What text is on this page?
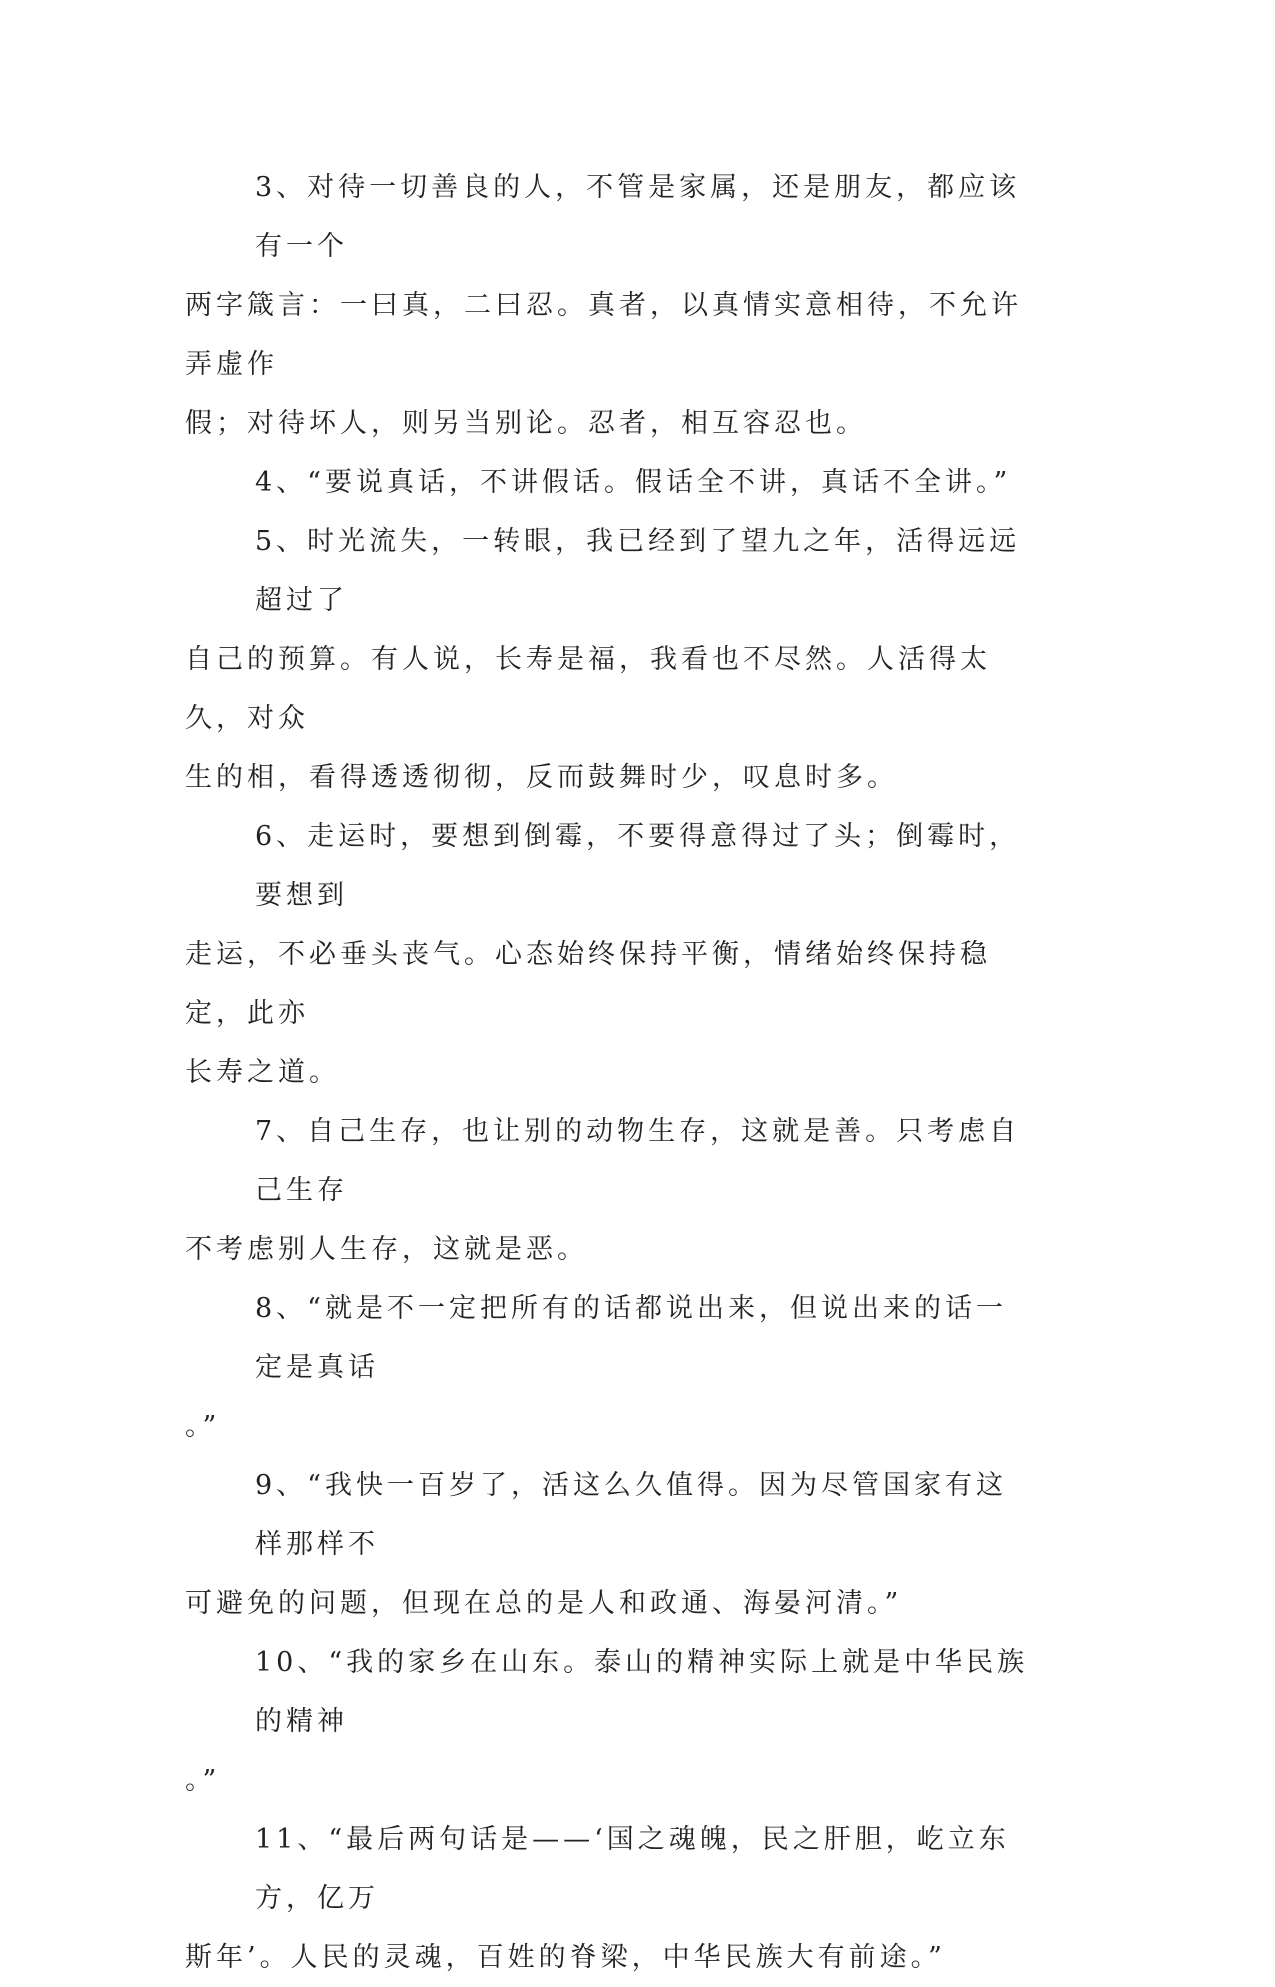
3、对待一切善良的人，不管是家属，还是朋友，都应该有一个
两字箴言：一曰真，二曰忍。真者，以真情实意相待，不允许弄虚作
假；对待坏人，则另当别论。忍者，相互容忍也。

4、“要说真话，不讲假话。假话全不讲，真话不全讲。”

5、时光流失，一转眼，我已经到了望九之年，活得远远超过了
自己的预算。有人说，长寿是福，我看也不尽然。人活得太久，对众
生的相，看得透透彻彻，反而鼓舞时少，叹息时多。

6、走运时，要想到倒霉，不要得意得过了头；倒霉时，要想到
走运，不必垂头丧气。心态始终保持平衡，情绪始终保持稳定，此亦
长寿之道。

7、自己生存，也让别的动物生存，这就是善。只考虑自己生存
不考虑别人生存，这就是恶。

8、“就是不一定把所有的话都说出来，但说出来的话一定是真话
。”

9、“我快一百岁了，活这么久值得。因为尽管国家有这样那样不
可避免的问题，但现在总的是人和政通、海晏河清。”

10、“我的家乡在山东。泰山的精神实际上就是中华民族的精神
。”

11、“最后两句话是——‘国之魂魄，民之肝胆，屹立东方，亿万
斯年’。人民的灵魂，百姓的脊梁，中华民族大有前途。”
